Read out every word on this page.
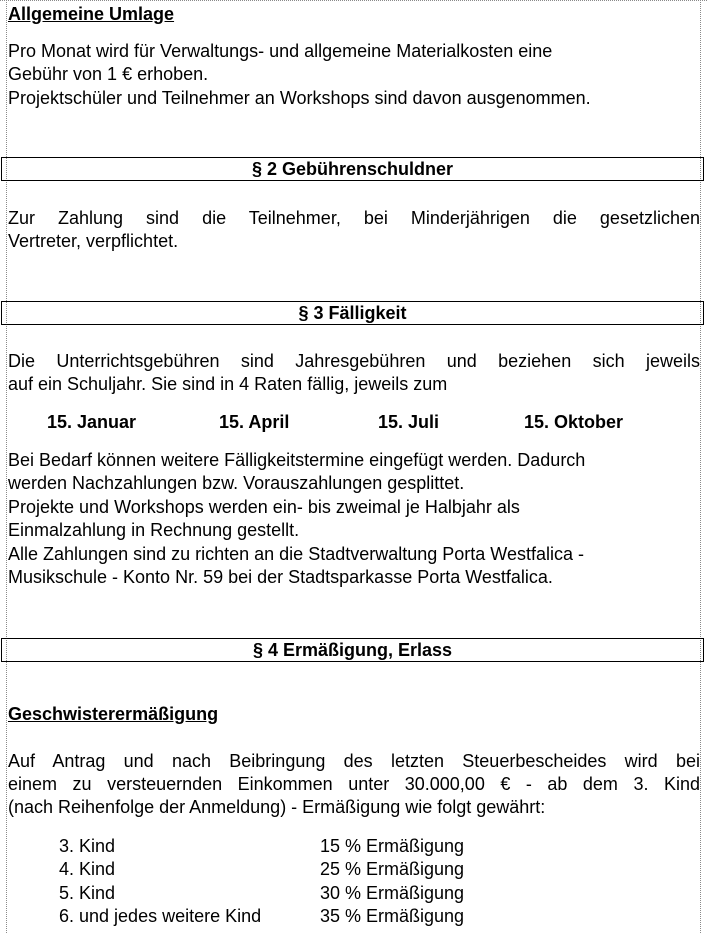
Allgemeine Umlage
Pro Monat wird für Verwaltungs- und allgemeine Materialkosten eine
Gebühr von 1 € erhoben.
Projektschüler und Teilnehmer an Workshops sind davon ausgenommen.
§ 2 Gebührenschuldner
Zur Zahlung sind die Teilnehmer, bei Minderjährigen die gesetzlichen
Vertreter, verpflichtet.
§ 3 Fälligkeit
Die Unterrichtsgebühren sind Jahresgebühren und beziehen sich jeweils
auf ein Schuljahr. Sie sind in 4 Raten fällig, jeweils zum
15. Januar	15. April	15. Juli	15. Oktober
Bei Bedarf können weitere Fälligkeitstermine eingefügt werden. Dadurch
werden Nachzahlungen bzw. Vorauszahlungen gesplittet.
Projekte und Workshops werden ein- bis zweimal je Halbjahr als
Einmalzahlung in Rechnung gestellt.
Alle Zahlungen sind zu richten an die Stadtverwaltung Porta Westfalica -
Musikschule - Konto Nr. 59 bei der Stadtsparkasse Porta Westfalica.
§ 4 Ermäßigung, Erlass
Geschwisterermäßigung
Auf Antrag und nach Beibringung des letzten Steuerbescheides wird bei
einem zu versteuernden Einkommen unter 30.000,00 € - ab dem 3. Kind
(nach Reihenfolge der Anmeldung) - Ermäßigung wie folgt gewährt:
3. Kind	15 % Ermäßigung
4. Kind	25 % Ermäßigung
5. Kind	30 % Ermäßigung
6. und jedes weitere Kind	35 % Ermäßigung
